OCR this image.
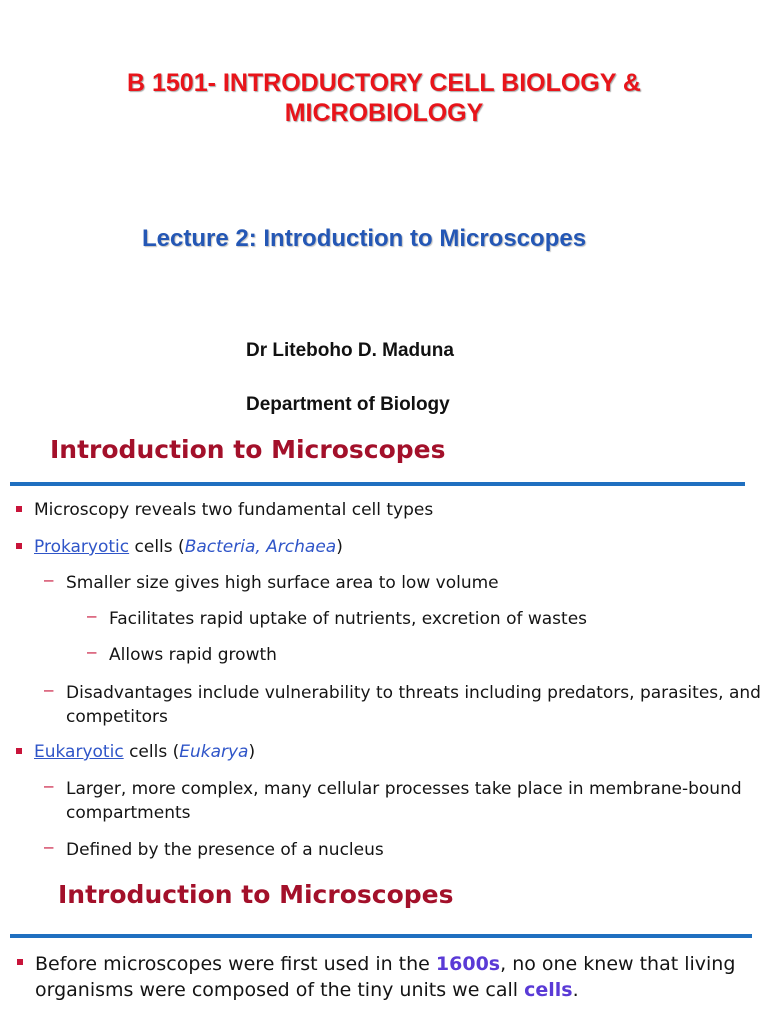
B 1501- INTRODUCTORY CELL BIOLOGY &
MICROBIOLOGY
Lecture 2: Introduction to Microscopes
Dr Liteboho D. Maduna
Department of Biology
Introduction to Microscopes
Microscopy reveals two fundamental cell types
Prokaryotic cells (Bacteria, Archaea)
– Smaller size gives high surface area to low volume
– Facilitates rapid uptake of nutrients, excretion of wastes
– Allows rapid growth
– Disadvantages include vulnerability to threats including predators, parasites, and
competitors
Eukaryotic cells (Eukarya)
– Larger, more complex, many cellular processes take place in membrane-bound
compartments
– Defined by the presence of a nucleus
Introduction to Microscopes
Before microscopes were first used in the 1600s, no one knew that living
organisms were composed of the tiny units we call cells.
